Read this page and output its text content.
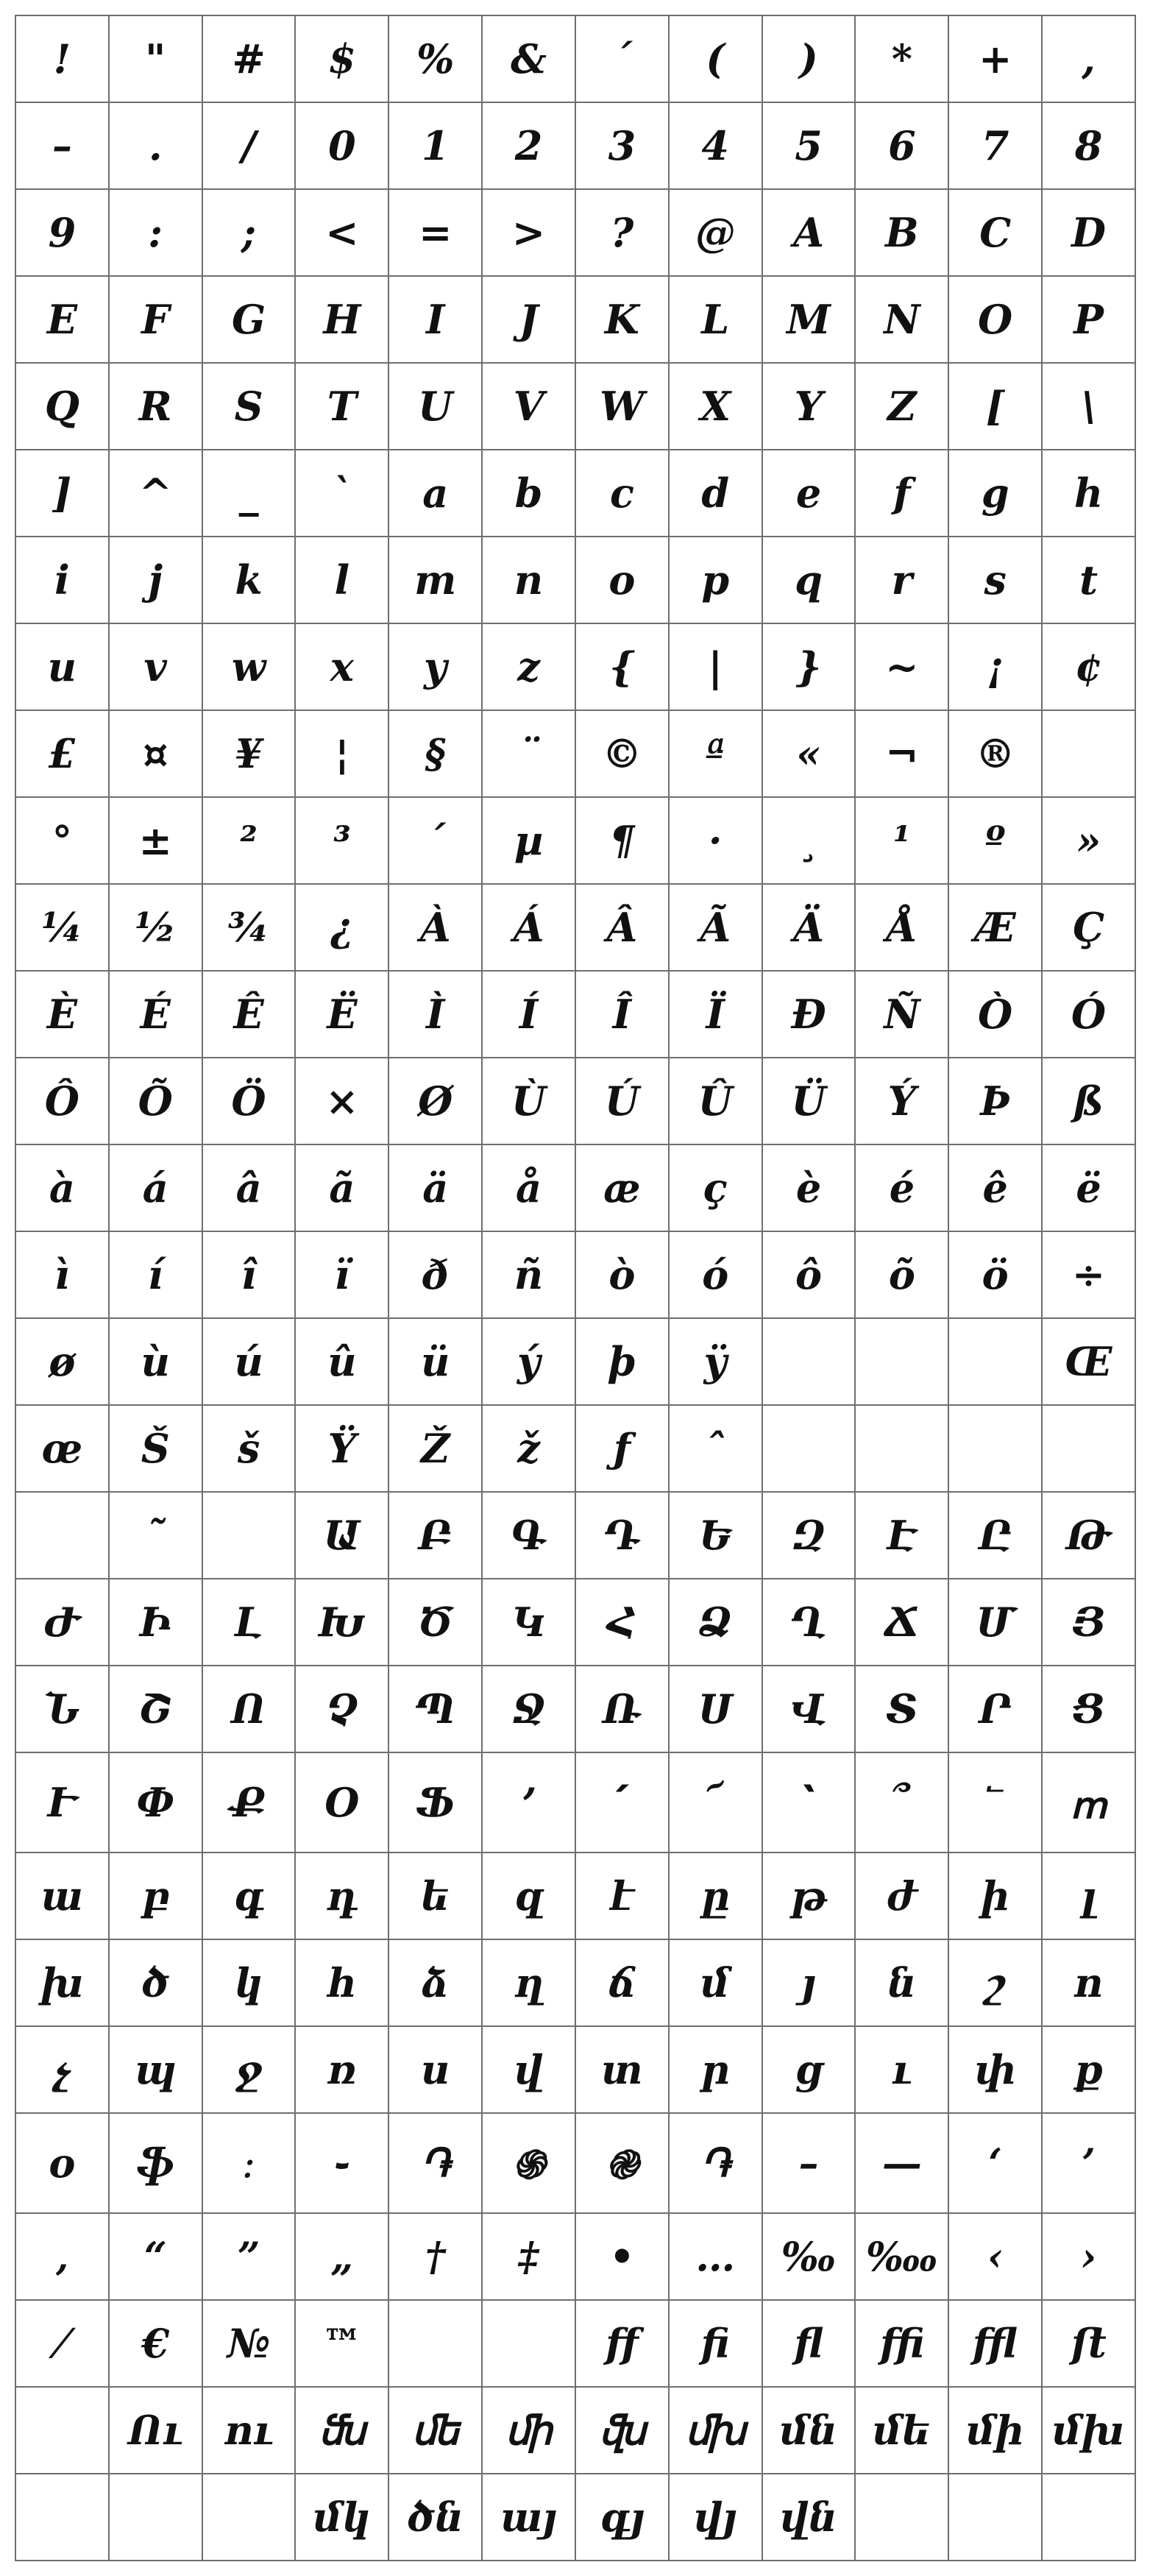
!	"	#	$	%	&	´	(	)	*	+	,
–	.	/	0	1	2	3	4	5	6	7	8
9	:	;	<	=	>	?	@	A	B	C	D
E	F	G	H	I	J	K	L	M	N	O	P
Q	R	S	T	U	V	W	X	Y	Z	[	\
]	^	_	`	a	b	c	d	e	f	g	h
i	j	k	l	m	n	o	p	q	r	s	t
u	v	w	x	y	z	{	|	}	~	¡	¢
£	¤	¥	¦	§	¨	©	ª	«	¬	®	
°	±	²	³	´	µ	¶	·	¸	¹	º	»
¼	½	¾	¿	À	Á	Â	Ã	Ä	Å	Æ	Ç
È	É	Ê	Ë	Ì	Í	Î	Ï	Ð	Ñ	Ò	Ó
Ô	Õ	Ö	×	Ø	Ù	Ú	Û	Ü	Ý	Þ	ß
à	á	â	ã	ä	å	æ	ç	è	é	ê	ë
ì	í	î	ï	ð	ñ	ò	ó	ô	õ	ö	÷
ø	ù	ú	û	ü	ý	þ	ÿ				Œ
œ	Š	š	Ÿ	Ž	ž	ƒ	ˆ				
	˜		Ա	Բ	Գ	Դ	Ե	Զ	Է	Ը	Թ
Ժ	Ի	Լ	Խ	Ծ	Կ	Հ	Ձ	Ղ	Ճ	Մ	Յ
Ն	Շ	Ո	Չ	Պ	Ջ	Ռ	Ս	Վ	Տ	Ր	Ց
Ւ	Փ	Ք	Օ	Ֆ	՚	՛	՜	՝	՞	՟	ՠ
ա	բ	գ	դ	ե	զ	է	ը	թ	ժ	ի	լ
խ	ծ	կ	հ	ձ	ղ	ճ	մ	յ	ն	շ	ո
չ	պ	ջ	ռ	ս	վ	տ	ր	ց	ւ	փ	ք
օ	ֆ	։	֊	֏	֍	֎	֏	–	—	‘	’
‚	“	”	„	†	‡	•	…	‰	‱	‹	›
⁄	€	№	™			ﬀ	ﬁ	ﬂ	ﬃ	ﬄ	ﬅ
	Ու	ու	ﬓ	ﬔ	ﬕ	ﬖ	ﬗ	մն	մե	մի	մխ
			մկ	ծն	այ	գյ	վյ	վն			
